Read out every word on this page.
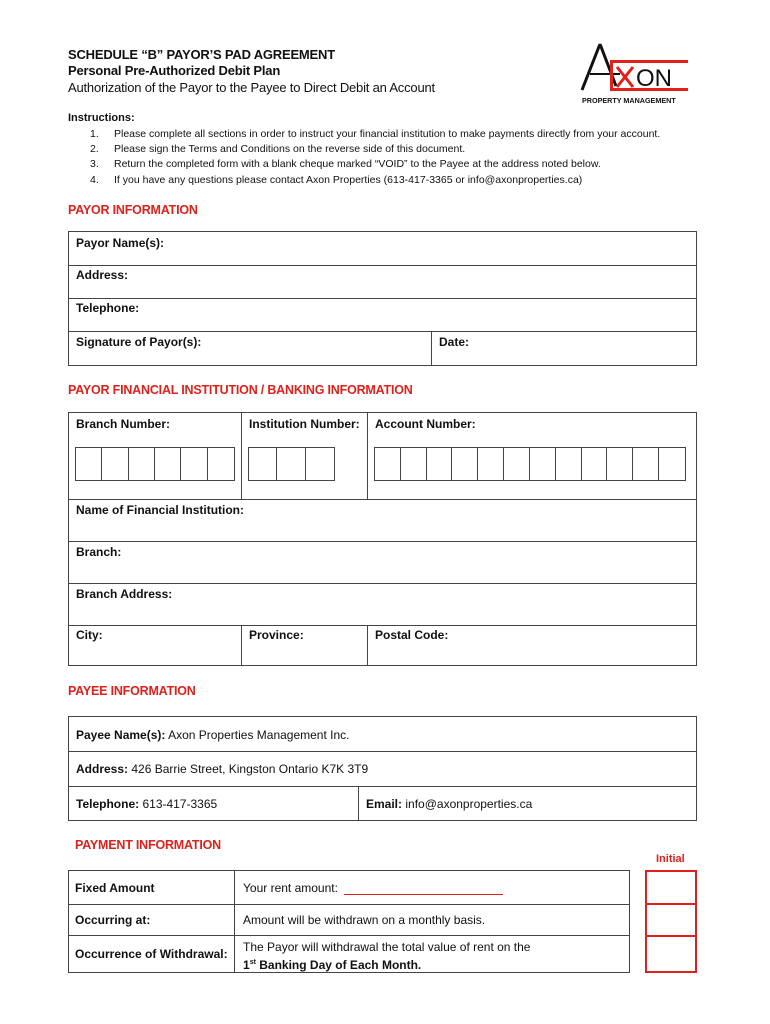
SCHEDULE “B” PAYOR’S PAD AGREEMENT
Personal Pre-Authorized Debit Plan
Authorization of the Payor to the Payee to Direct Debit an Account	ON
PROPERTY MANAGEMENT
Instructions:
1. Please complete all sections in order to instruct your financial institution to make payments directly from your account.
2. Please sign the Terms and Conditions on the reverse side of this document.
3. Return the completed form with a blank cheque marked “VOID” to the Payee at the address noted below.
4. If you have any questions please contact Axon Properties (613-417-3365 or info@axonproperties.ca)
PAYOR INFORMATION
Payor Name(s):
Address:
Telephone:
Signature of Payor(s):	Date:
PAYOR FINANCIAL INSTITUTION / BANKING INFORMATION
Branch Number:	Institution Number: Account Number:
Name of Financial Institution:
Branch:
Branch Address:
City:	Province:	Postal Code:
PAYEE INFORMATION
Payee Name(s): Axon Properties Management Inc.
Address: 426 Barrie Street, Kingston Ontario K7K 3T9
Telephone: 613-417-3365	Email: info@axonproperties.ca
PAYMENT INFORMATION
Initial
Fixed Amount	Your rent amount:
Occurring at:	Amount will be withdrawn on a monthly basis.
Occurrence of Withdrawal: The Payor will withdrawal the total value of rent on the
1st Banking Day of Each Month.
